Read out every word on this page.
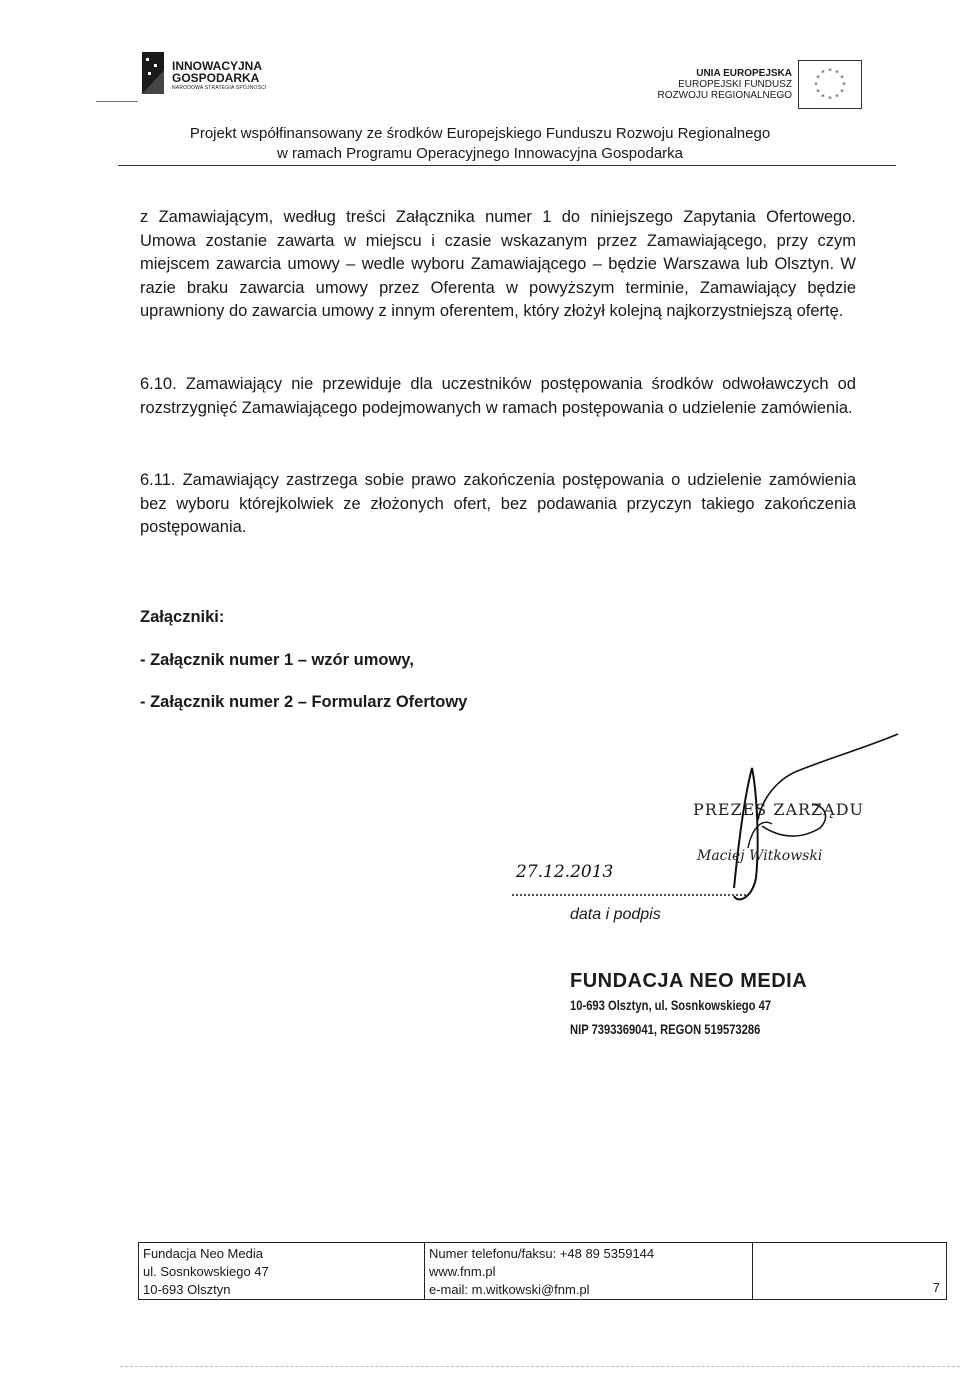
INNOWACYJNA
GOSPODARKA
NARODOWA STRATEGIA SPÓJNOŚCI
UNIA EUROPEJSKA
EUROPEJSKI FUNDUSZ
ROZWOJU REGIONALNEGO
* *
*
*
*
*
*
*
*
*
*
*
Projekt współfinansowany ze środków Europejskiego Funduszu Rozwoju Regionalnego
w ramach Programu Operacyjnego Innowacyjna Gospodarka
z Zamawiającym, według treści Załącznika numer 1 do niniejszego Zapytania Ofertowego. Umowa zostanie zawarta w miejscu i czasie wskazanym przez Zamawiającego, przy czym miejscem zawarcia umowy – wedle wyboru Zamawiającego – będzie Warszawa lub Olsztyn. W razie braku zawarcia umowy przez Oferenta w powyższym terminie, Zamawiający będzie uprawniony do zawarcia umowy z innym oferentem, który złożył kolejną najkorzystniejszą ofertę.
6.10. Zamawiający nie przewiduje dla uczestników postępowania środków odwoławczych od rozstrzygnięć Zamawiającego podejmowanych w ramach postępowania o udzielenie zamówienia.
6.11. Zamawiający zastrzega sobie prawo zakończenia postępowania o udzielenie zamówienia bez wyboru którejkolwiek ze złożonych ofert, bez podawania przyczyn takiego zakończenia postępowania.
Załączniki:
- Załącznik numer 1 – wzór umowy,
- Załącznik numer 2 – Formularz Ofertowy
PREZES ZARZĄDU
Maciej Witkowski
27.12.2013
data i podpis
FUNDACJA NEO MEDIA
10-693 Olsztyn, ul. Sosnkowskiego 47
NIP 7393369041, REGON 519573286
Fundacja Neo Media
ul. Sosnkowskiego 47
10-693 Olsztyn
Numer telefonu/faksu: +48 89 5359144
www.fnm.pl
e-mail: m.witkowski@fnm.pl	7
